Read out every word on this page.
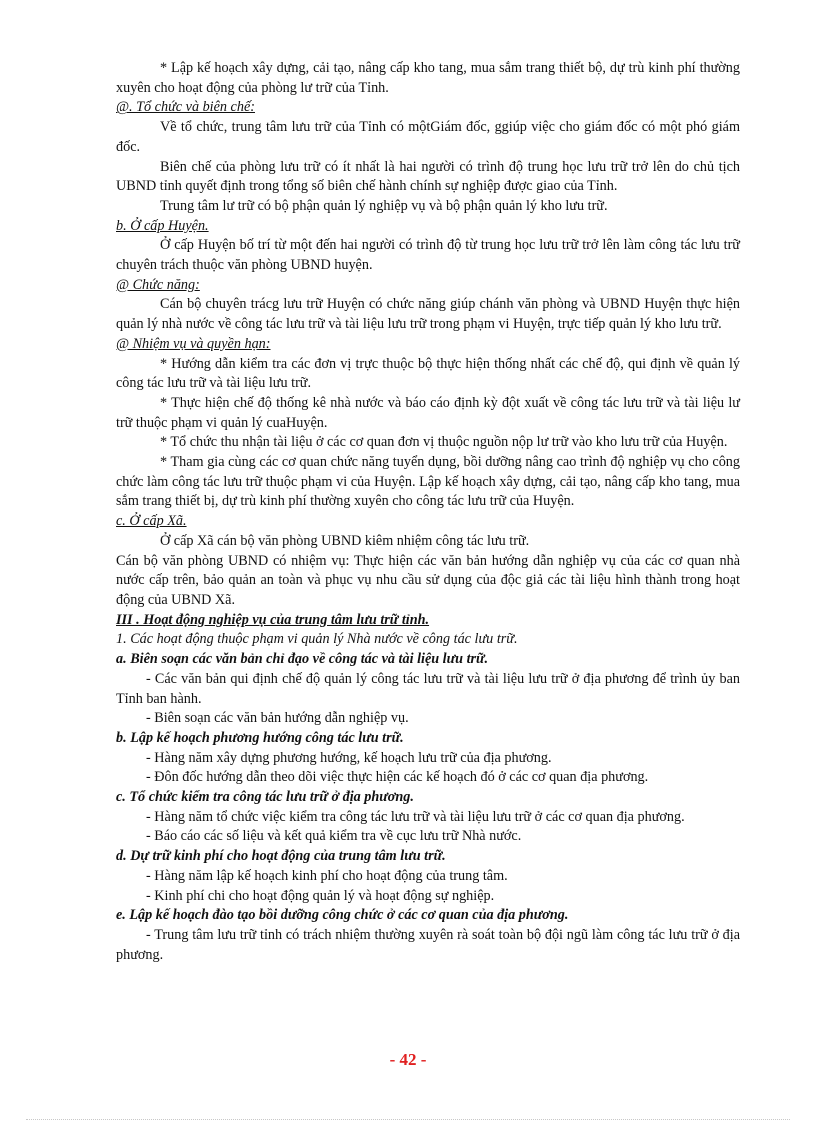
* Lập kế hoạch xây dựng, cải tạo, nâng cấp kho tang, mua sắm trang thiết bộ, dự trù kinh phí thường xuyên cho hoạt động của phòng lư trữ của Tỉnh.

@. Tổ chức và biên chế:

Về tổ chức, trung tâm lưu trữ của Tỉnh có mộtGiám đốc, ggiúp việc cho giám đốc có một phó giám đốc.

Biên chế của phòng lưu trữ có ít nhất là hai người có trình độ trung học lưu trữ trở lên do chủ tịch UBND tỉnh quyết định trong tổng số biên chế hành chính sự nghiệp được giao của Tỉnh.

Trung tâm lư trữ có bộ phận quản lý nghiệp vụ và bộ phận quản lý kho lưu trữ.

b. Ở cấp Huyện.

Ở cấp Huyện bố trí từ một đến hai người có trình độ từ trung học lưu trữ trở lên làm công tác lưu trữ chuyên trách thuộc văn phòng UBND huyện.

@ Chức năng:

Cán bộ chuyên trácg lưu trữ Huyện có chức năng giúp chánh văn phòng và UBND Huyện thực hiện quản lý nhà nước về công tác lưu trữ và tài liệu lưu trữ trong phạm vi Huyện, trực tiếp quản lý kho lưu trữ.

@ Nhiệm vụ và quyền hạn:

* Hướng dẫn kiểm tra các đơn vị trực thuộc bộ thực hiện thống nhất các chế độ, qui định về quản lý công tác lưu trữ và tài liệu lưu trữ.

* Thực hiện chế độ thống kê nhà nước và báo cáo định kỳ đột xuất về công tác lưu trữ và tài liệu lư trữ thuộc phạm vi quản lý cuaHuyện.

* Tổ chức thu nhận tài liệu ở các cơ quan đơn vị thuộc nguồn nộp lư trữ vào kho lưu trữ của Huyện.

* Tham gia cùng các cơ quan chức năng tuyển dụng, bồi dưỡng nâng cao trình độ nghiệp vụ cho công chức làm công tác lưu trữ thuộc phạm vi của Huyện. Lập kế hoạch xây dựng, cải tạo, nâng cấp kho tang, mua sắm trang thiết bị, dự trù kinh phí thường xuyên cho công tác lưu trữ của Huyện.

c. Ở cấp Xã.

Ở cấp Xã cán bộ văn phòng UBND kiêm nhiệm công tác lưu trữ.

Cán bộ văn phòng UBND có nhiệm vụ: Thực hiện các văn bản hướng dẫn nghiệp vụ của các cơ quan nhà nước cấp trên, bảo quản an toàn và phục vụ nhu cầu sử dụng của độc giả các tài liệu hình thành trong hoạt động của UBND Xã.

III . Hoạt động nghiệp vụ của trung tâm lưu trữ tỉnh.

1. Các hoạt động thuộc phạm vi quản lý Nhà nước về công tác lưu trữ.

a. Biên soạn các văn bản chỉ đạo về công tác và tài liệu lưu trữ.

- Các văn bản qui định chế độ quản lý công tác lưu trữ và tài liệu lưu trữ ở địa phương để trình ủy ban Tỉnh ban hành.

- Biên soạn các văn bản hướng dẫn nghiệp vụ.

b. Lập kế hoạch phương hướng công tác lưu trữ.

- Hàng năm xây dựng phương hướng, kế hoạch lưu trữ của địa phương.

- Đôn đốc hướng dẫn theo dõi việc thực hiện các kế hoạch đó ở các cơ quan địa phương.

c. Tổ chức kiểm tra công tác lưu trữ ở địa phương.

- Hàng năm tổ chức việc kiểm tra công tác lưu trữ và tài liệu lưu trữ ở các cơ quan địa phương.

- Báo cáo các số liệu và kết quả kiểm tra về cục lưu trữ Nhà nước.

d. Dự trữ kinh phí cho hoạt động của trung tâm lưu trữ.

- Hàng năm lập kế hoạch kinh phí cho hoạt động của trung tâm.

- Kinh phí chi cho hoạt động quản lý và hoạt động sự nghiệp.

e. Lập kế hoạch đào tạo bồi dưỡng công chức ở các cơ quan của địa phương.

- Trung tâm lưu trữ tỉnh có trách nhiệm thường xuyên rà soát toàn bộ đội ngũ làm công tác lưu trữ ở địa phương.

- 42 -
